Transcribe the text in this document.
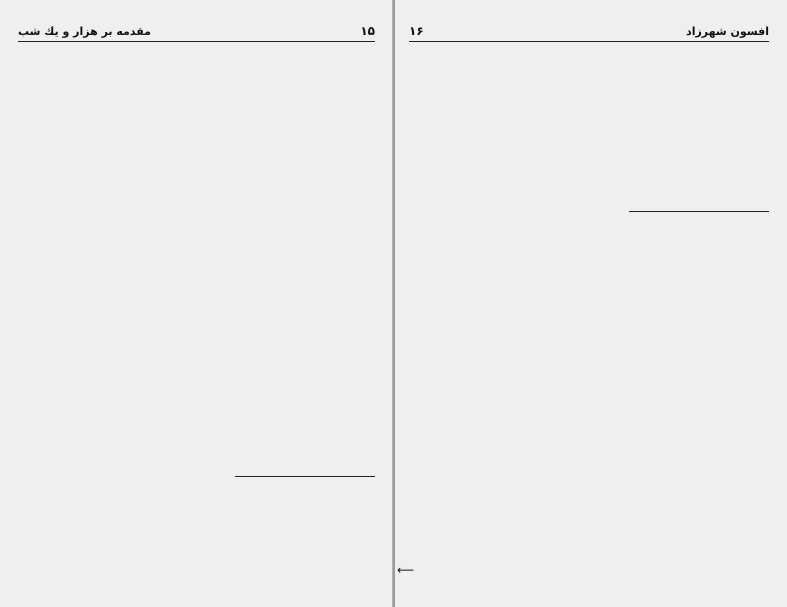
۱۵
مقدمه بر هزار و یك شب	افسون شهرزاد
۱۶
⟵
